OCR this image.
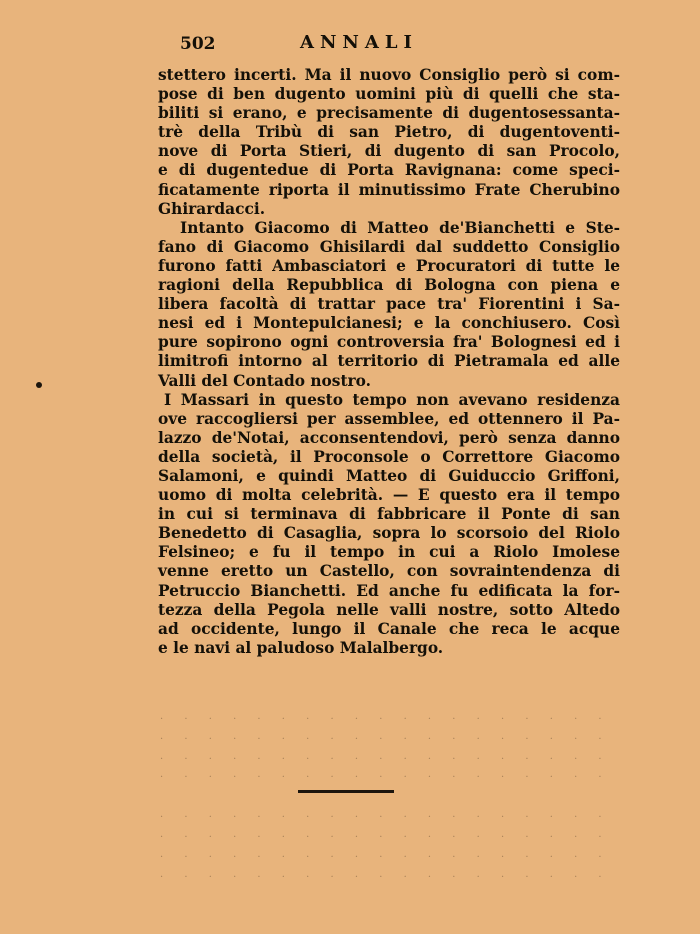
502	ANNALI
stettero incerti. Ma il nuovo Consiglio però si com-
pose di ben dugento uomini più di quelli che sta-
biliti si erano, e precisamente di dugentosessanta-
trè della Tribù di san Pietro, di dugentoventi-
nove di Porta Stieri, di dugento di san Procolo,
e di dugentedue di Porta Ravignana: come speci-
ficatamente riporta il minutissimo Frate Cherubino
Ghirardacci.
Intanto Giacomo di Matteo de'Bianchetti e Ste-
fano di Giacomo Ghisilardi dal suddetto Consiglio
furono fatti Ambasciatori e Procuratori di tutte le
ragioni della Repubblica di Bologna con piena e
libera facoltà di trattar pace tra' Fiorentini i Sa-
nesi ed i Montepulcianesi; e la conchiusero. Così
pure sopirono ogni controversia fra' Bolognesi ed i
limitrofi intorno al territorio di Pietramala ed alle
Valli del Contado nostro.
I Massari in questo tempo non avevano residenza
ove raccogliersi per assemblee, ed ottennero il Pa-
lazzo de'Notai, acconsentendovi, però senza danno
della società, il Proconsole o Correttore Giacomo
Salamoni, e quindi Matteo di Guiduccio Griffoni,
uomo di molta celebrità. — E questo era il tempo
in cui si terminava di fabbricare il Ponte di san
Benedetto di Casaglia, sopra lo scorsoio del Riolo
Felsineo; e fu il tempo in cui a Riolo Imolese
venne eretto un Castello, con sovraintendenza di
Petruccio Bianchetti. Ed anche fu edificata la for-
tezza della Pegola nelle valli nostre, sotto Altedo
ad occidente, lungo il Canale che reca le acque
e le navi al paludoso Malalbergo.
· · · · · · · · · · · · · · · · · · ·
· · · · · · · · · · · · · · · · · · ·
· · · · · · · · · · · · · · · · · · ·
· · · · · · · · · · · · · · · · · · ·
· · · · · · · · · · · · · · · · · · ·
· · · · · · · · · · · · · · · · · · ·
· · · · · · · · · · · · · · · · · · ·
· · · · · · · · · · · · · · · · · · ·
